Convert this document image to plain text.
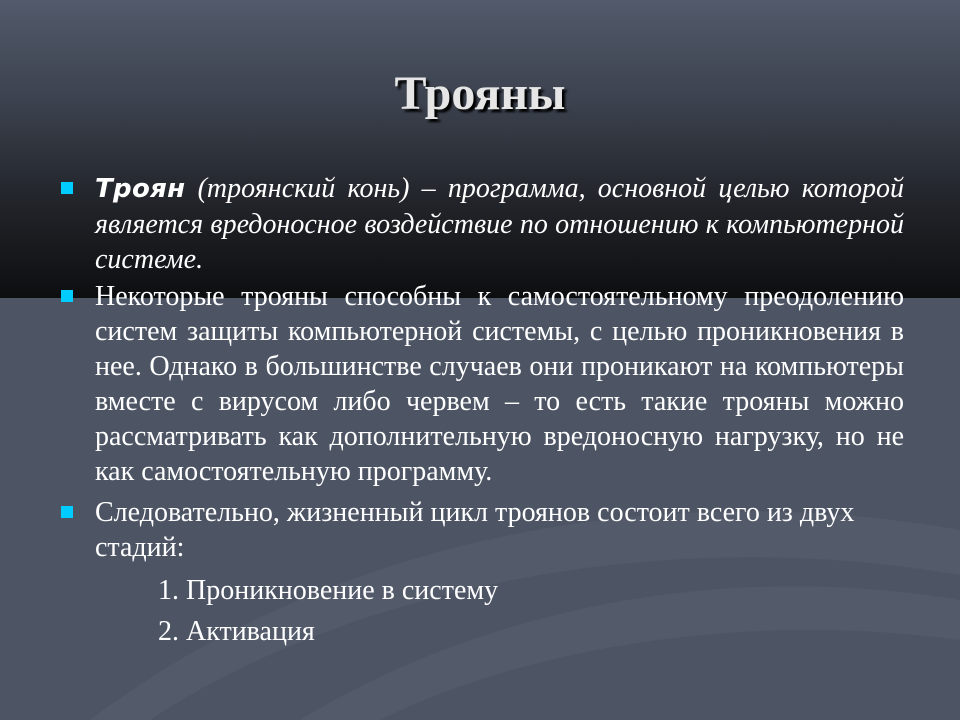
Трояны

Троян (троянский конь) – программа, основной целью которой является вредоносное воздействие по отношению к компьютерной системе.

Некоторые трояны способны к самостоятельному преодолению систем защиты компьютерной системы, с целью проникновения в нее. Однако в большинстве случаев они проникают на компьютеры вместе с вирусом либо червем – то есть такие трояны можно рассматривать как дополнительную вредоносную нагрузку, но не как самостоятельную программу.

Следовательно, жизненный цикл троянов состоит всего из двух стадий:

1. Проникновение в систему
2. Активация
